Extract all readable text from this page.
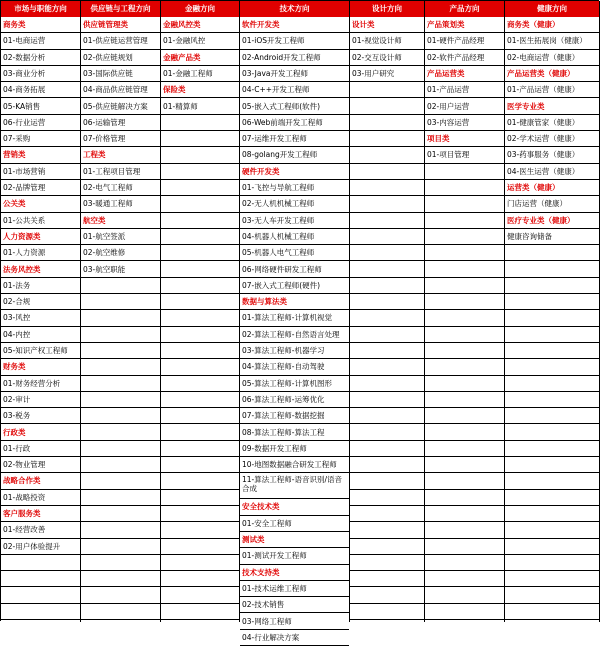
市场与职能方向
商务类
01-电商运营
02-数据分析
03-商业分析
04-商务拓展
05-KA销售
06-行业运营
07-采购
营销类
01-市场营销
02-品牌管理
公关类
01-公共关系
人力资源类
01-人力资源
法务风控类
01-法务
02-合规
03-风控
04-内控
05-知识产权工程师
财务类
01-财务经营分析
02-审计
03-税务
行政类
01-行政
02-物业管理
战略合作类
01-战略投资
客户服务类
01-经营改善
02-用户体验提升
供应链与工程方向
供应链管理类
01-供应链运营管理
02-供应链规划
03-国际供应链
04-商品供应链管理
05-供应链解决方案
06-运输管理
07-价格管理
工程类
01-工程项目管理
02-电气工程师
03-暖通工程师
航空类
01-航空签派
02-航空维修
03-航空职能
金融方向
金融风控类
01-金融风控
金融产品类
01-金融工程师
保险类
01-精算师
技术方向
软件开发类
01-iOS开发工程师
02-Android开发工程师
03-Java开发工程师
04-C++开发工程师
05-嵌入式工程师(软件)
06-Web前端开发工程师
07-运维开发工程师
08-golang开发工程师
硬件开发类
01-飞控与导航工程师
02-无人机机械工程师
03-无人车开发工程师
04-机器人机械工程师
05-机器人电气工程师
06-网络硬件研发工程师
07-嵌入式工程师(硬件)
数据与算法类
01-算法工程师-计算机视觉
02-算法工程师-自然语言处理
03-算法工程师-机器学习
04-算法工程师-自动驾驶
05-算法工程师-计算机图形
06-算法工程师-运筹优化
07-算法工程师-数据挖掘
08-算法工程师-算法工程
09-数据开发工程师
10-地图数据融合研发工程师
11-算法工程师-语音识别/语音合成
安全技术类
01-安全工程师
测试类
01-测试开发工程师
技术支持类
01-技术运维工程师
02-技术销售
03-网络工程师
04-行业解决方案
设计方向
设计类
01-视觉设计师
02-交互设计师
03-用户研究
产品方向
产品策划类
01-硬件产品经理
02-软件产品经理
产品运营类
01-产品运营
02-用户运营
03-内容运营
项目类
01-项目管理
健康方向
商务类（健康）
01-医生拓展岗（健康）
02-电商运营（健康）
产品运营类（健康）
01-产品运营（健康）
医学专业类
01-健康管家（健康）
02-学术运营（健康）
03-药事服务（健康）
04-医生运营（健康）
运营类（健康）
门店运营（健康）
医疗专业类（健康）
健康咨询储备
